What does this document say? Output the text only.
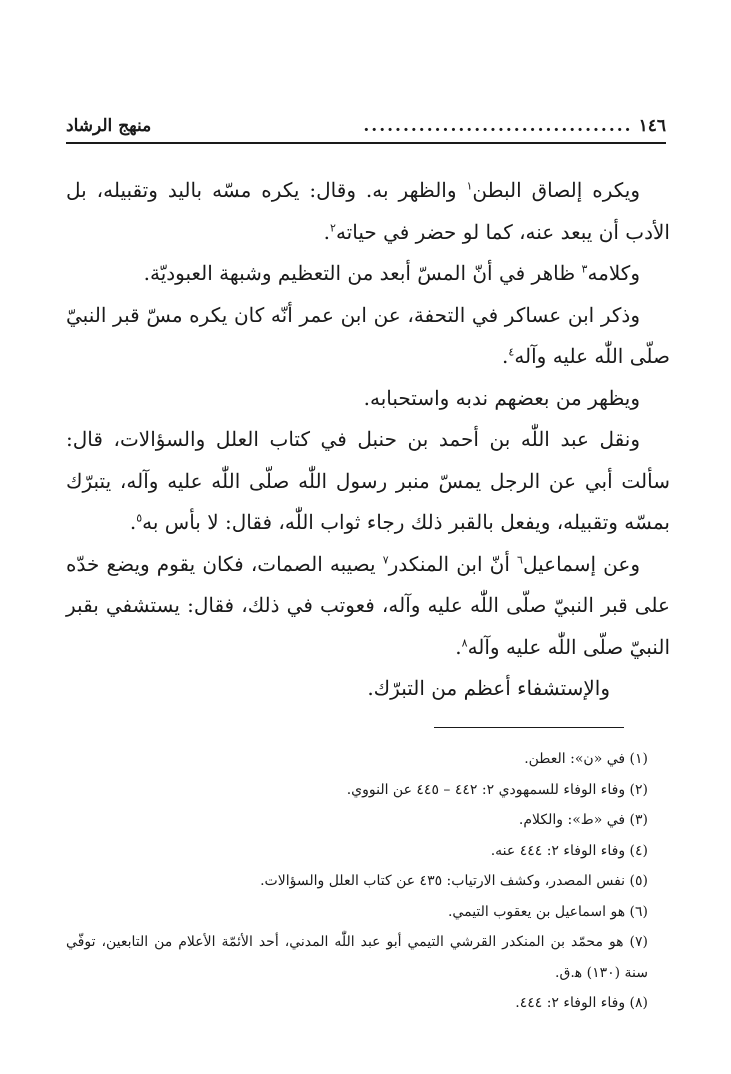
١٤٦
..................................
منهج الرشاد

ويكره إلصاق البطن$^١$ والظهر به. وقال: يكره مسّه باليد وتقبيله، بل الأدب أن يبعد عنه، كما لو حضر في حياته$^٢$.

وكلامه$^٣$ ظاهر في أنّ المسّ أبعد من التعظيم وشبهة العبوديّة.

وذكر ابن عساكر في التحفة، عن ابن عمر أنّه كان يكره مسّ قبر النبيّ صلّى اللّٰه عليه وآله$^٤$.

ويظهر من بعضهم ندبه واستحبابه.

ونقل عبد اللّٰه بن أحمد بن حنبل في كتاب العلل والسؤالات، قال: سألت أبي عن الرجل يمسّ منبر رسول اللّٰه صلّى اللّٰه عليه وآله، يتبرّك بمسّه وتقبيله، ويفعل بالقبر ذلك رجاء ثواب اللّٰه، فقال: لا بأس به$^٥$.

وعن إسماعيل$^٦$ أنّ ابن المنكدر$^٧$ يصيبه الصمات، فكان يقوم ويضع خدّه على قبر النبيّ صلّى اللّٰه عليه وآله، فعوتب في ذلك، فقال: يستشفي بقبر النبيّ صلّى اللّٰه عليه وآله$^٨$.

والإستشفاء أعظم من التبرّك.

(١) في «ن»: العطن.

(٢) وفاء الوفاء للسمهودي ٢: ٤٤٢ – ٤٤٥ عن النووي.

(٣) في «ط»: والكلام.

(٤) وفاء الوفاء ٢: ٤٤٤ عنه.

(٥) نفس المصدر، وكشف الارتياب: ٤٣٥ عن كتاب العلل والسؤالات.

(٦) هو اسماعيل بن يعقوب التيمي.

(٧) هو محمّد بن المنكدر القرشي التيمي أبو عبد اللّٰه المدني، أحد الأئمّة الأعلام من التابعين، توفّي سنة (١٣٠) ﻫ.ق.

(٨) وفاء الوفاء ٢: ٤٤٤.
